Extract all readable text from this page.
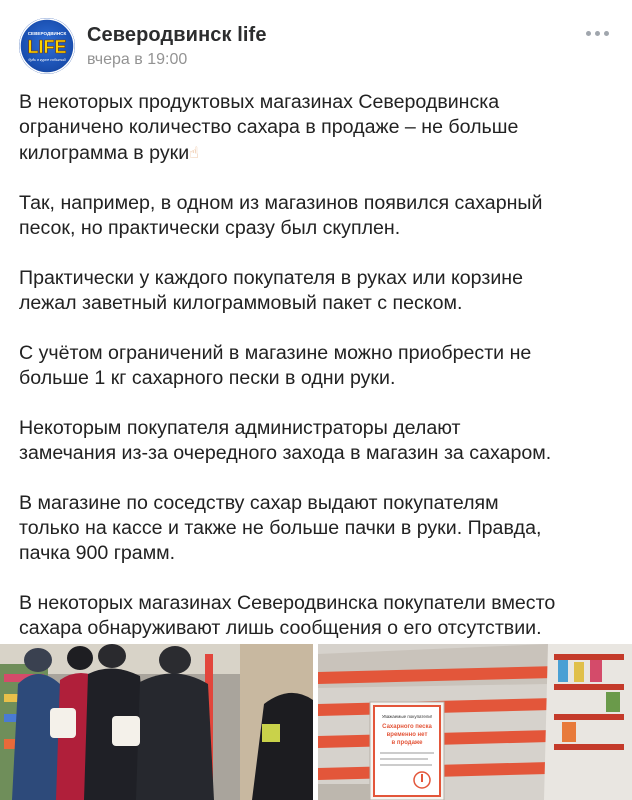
СЕВЕРОДВИНСК
LIFE
будь в курсе событий
Северодвинск life
вчера в 19:00
В некоторых продуктовых магазинах Северодвинска
ограничено количество сахара в продаже – не больше
килограмма в руки☝
Так, например, в одном из магазинов появился сахарный
песок, но практически сразу был скуплен.
Практически у каждого покупателя в руках или корзине
лежал заветный килограммовый пакет с песком.
С учётом ограничений в магазине можно приобрести не
больше 1 кг сахарного пески в одни руки.
Некоторым покупателя администраторы делают
замечания из-за очередного захода в магазин за сахаром.
В магазине по соседству сахар выдают покупателям
только на кассе и также не больше пачки в руки. Правда,
пачка 900 грамм.
В некоторых магазинах Северодвинска покупатели вместо
сахара обнаруживают лишь сообщения о его отсутствии.
Уважаемые покупатели!
Сахарного песка
временно нет
в продаже
